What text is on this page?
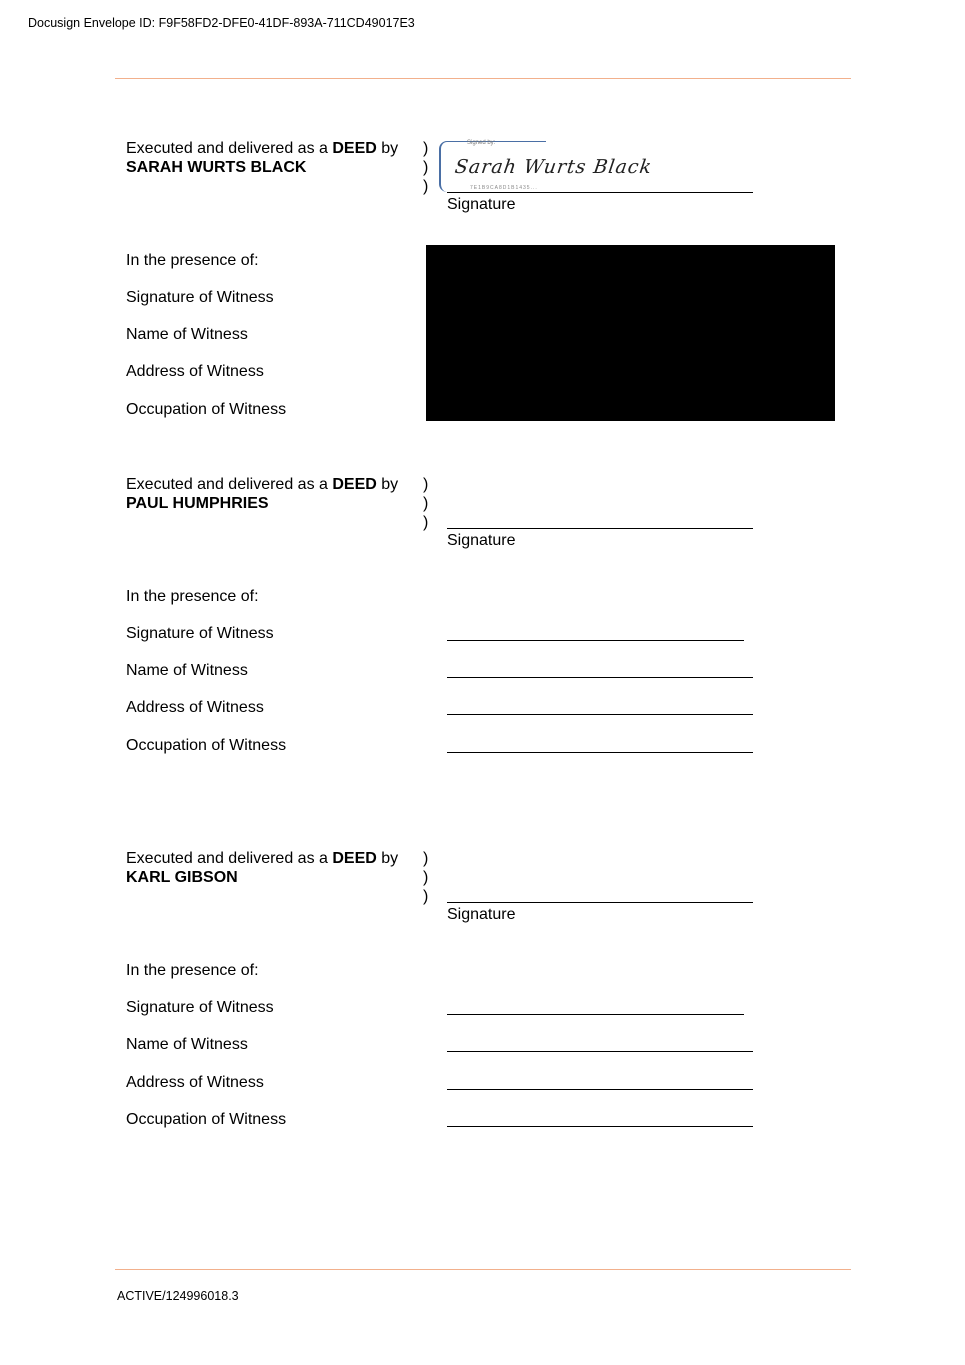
Docusign Envelope ID: F9F58FD2-DFE0-41DF-893A-711CD49017E3
Executed and delivered as a DEED by
SARAH WURTS BLACK
)
)
)
Signed by:
Sarah Wurts Black
7E1B9CA8D1B1435...
Signature
In the presence of:
Signature of Witness
Name of Witness
Address of Witness
Occupation of Witness
Executed and delivered as a DEED by
PAUL HUMPHRIES
)
)
)
Signature
In the presence of:
Signature of Witness
Name of Witness
Address of Witness
Occupation of Witness
Executed and delivered as a DEED by
KARL GIBSON
)
)
)
Signature
In the presence of:
Signature of Witness
Name of Witness
Address of Witness
Occupation of Witness
ACTIVE/124996018.3
